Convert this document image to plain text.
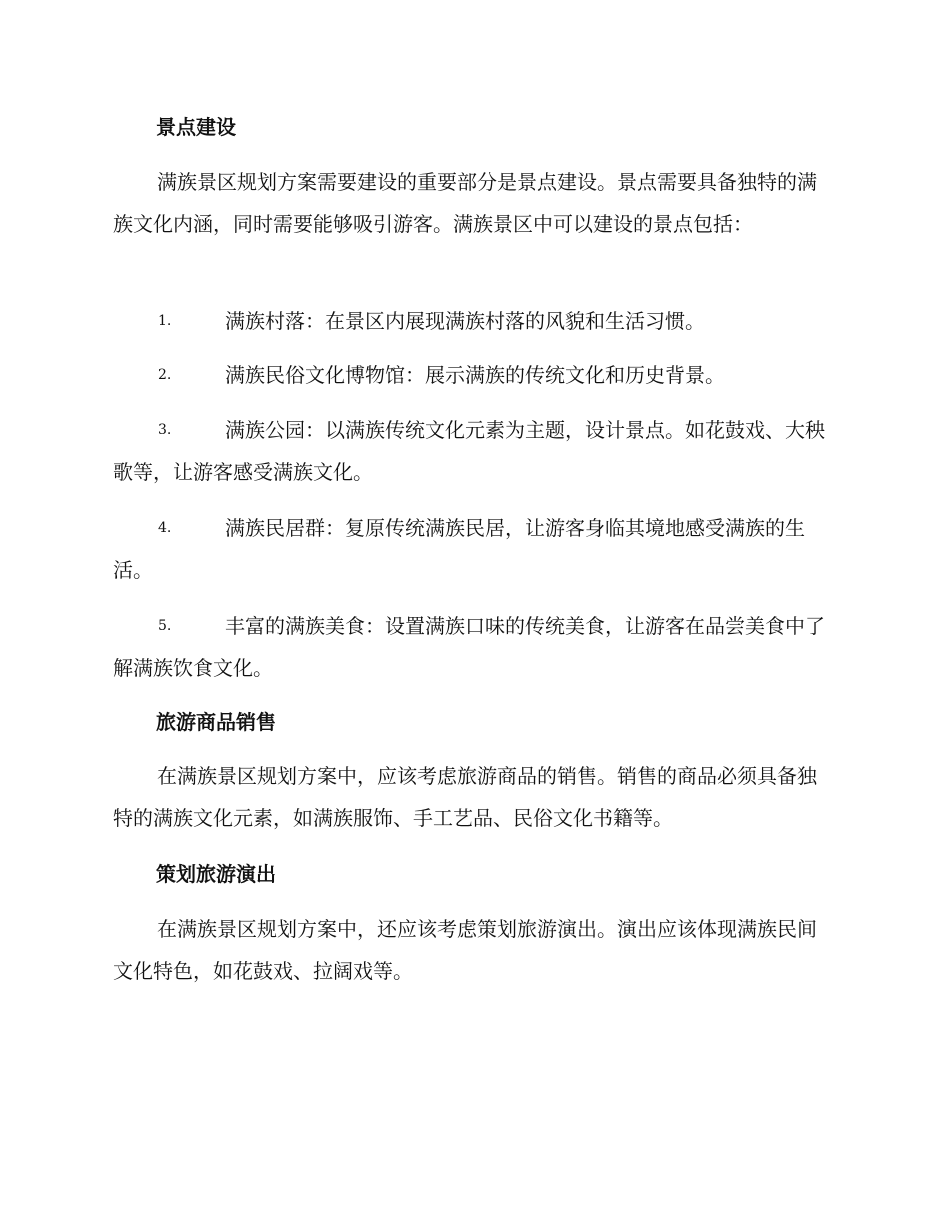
景点建设

满族景区规划方案需要建设的重要部分是景点建设。景点需要具备独特的满族文化内涵，同时需要能够吸引游客。满族景区中可以建设的景点包括：

1.	满族村落：在景区内展现满族村落的风貌和生活习惯。

2.	满族民俗文化博物馆：展示满族的传统文化和历史背景。

3.	满族公园：以满族传统文化元素为主题，设计景点。如花鼓戏、大秧歌等，让游客感受满族文化。

4.	满族民居群：复原传统满族民居，让游客身临其境地感受满族的生活。

5.	丰富的满族美食：设置满族口味的传统美食，让游客在品尝美食中了解满族饮食文化。

旅游商品销售

在满族景区规划方案中，应该考虑旅游商品的销售。销售的商品必须具备独特的满族文化元素，如满族服饰、手工艺品、民俗文化书籍等。

策划旅游演出

在满族景区规划方案中，还应该考虑策划旅游演出。演出应该体现满族民间文化特色，如花鼓戏、拉阔戏等。
